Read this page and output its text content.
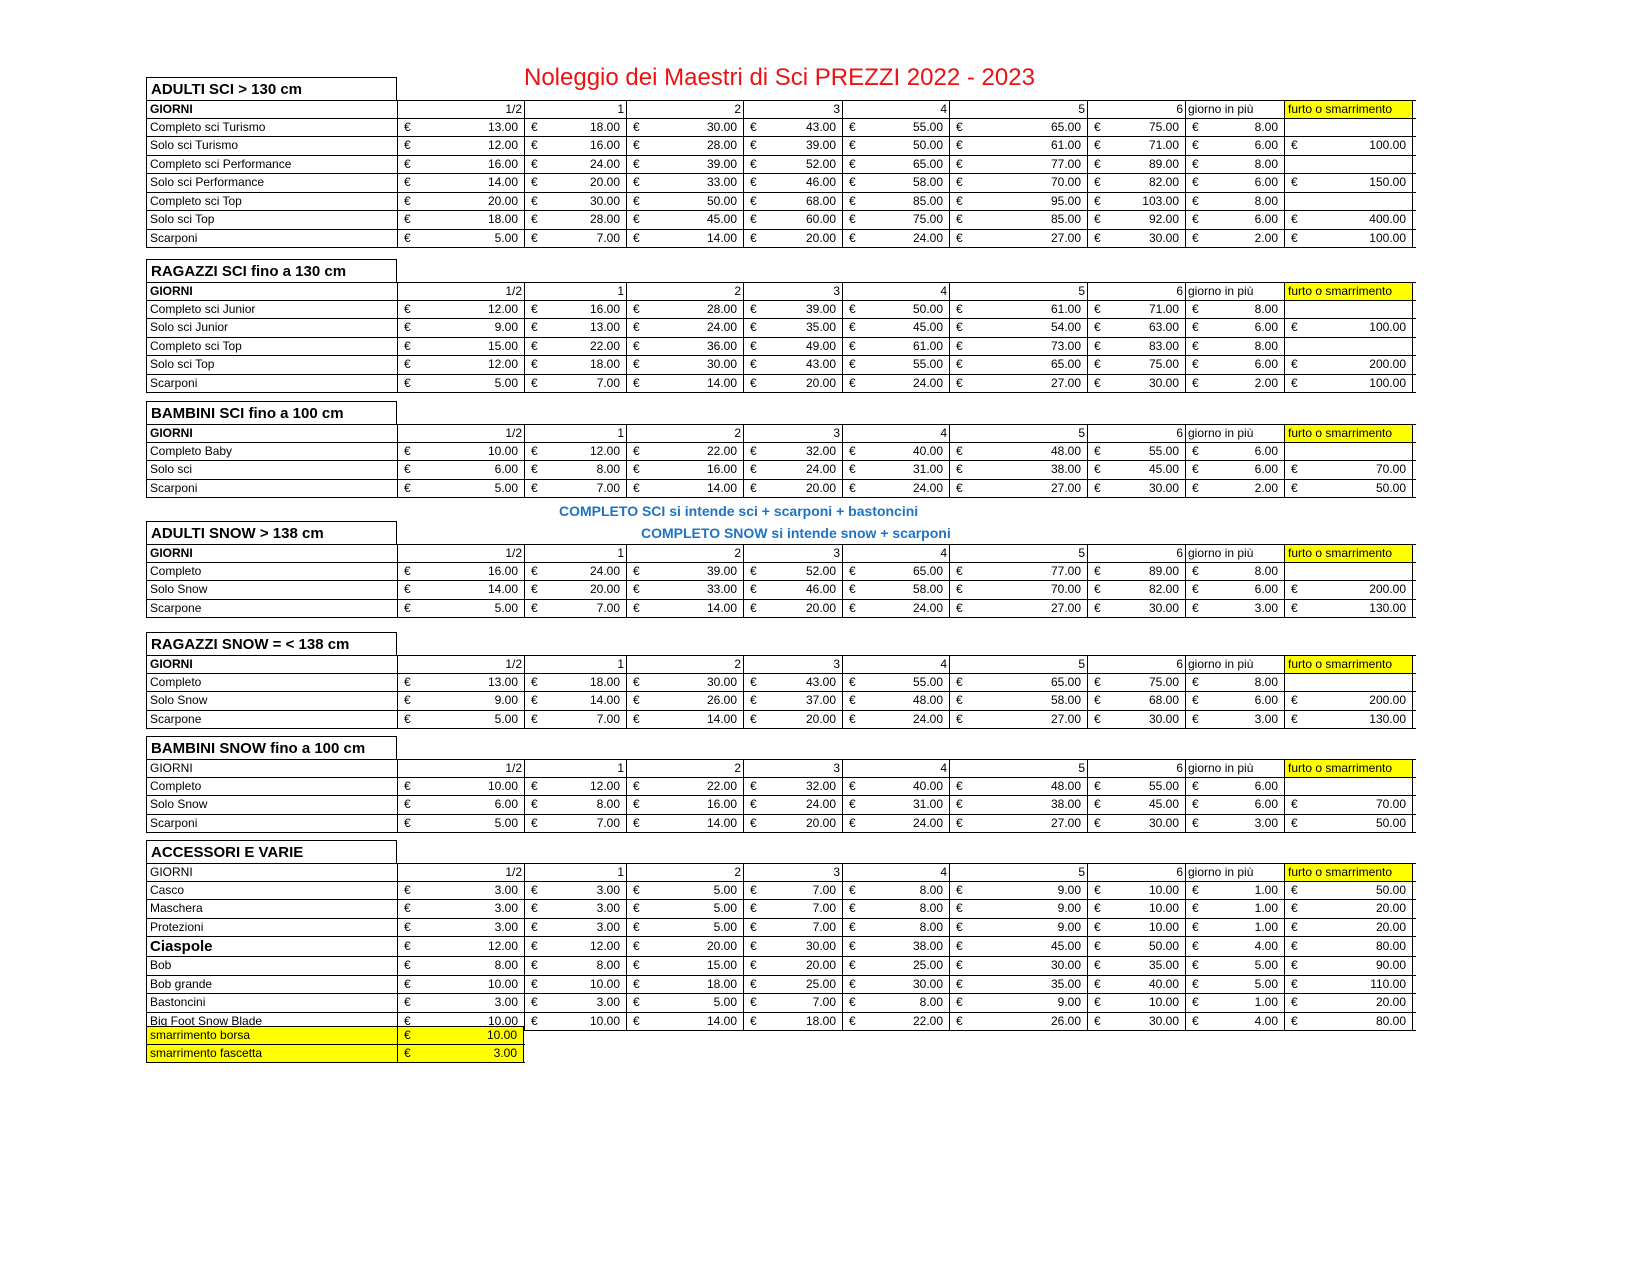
Noleggio dei Maestri di Sci PREZZI 2022 - 2023
COMPLETO SCI si intende sci + scarponi + bastoncini
COMPLETO SNOW si intende snow + scarponi
ADULTI SCI > 130 cm
GIORNI	1/2	1	2	3	4	5	6 giorno in più	furto o smarrimento
Completo sci Turismo	€	13.00 €	18.00 €	30.00 €	43.00 €	55.00 €	65.00 €	75.00 €	8.00
Solo sci Turismo	€	12.00 €	16.00 €	28.00 €	39.00 €	50.00 €	61.00 €	71.00 €	6.00 €	100.00
Completo sci Performance	€	16.00 €	24.00 €	39.00 €	52.00 €	65.00 €	77.00 €	89.00 €	8.00
Solo sci Performance	€	14.00 €	20.00 €	33.00 €	46.00 €	58.00 €	70.00 €	82.00 €	6.00 €	150.00
Completo sci Top	€	20.00 €	30.00 €	50.00 €	68.00 €	85.00 €	95.00 €	103.00 €	8.00
Solo sci Top	€	18.00 €	28.00 €	45.00 €	60.00 €	75.00 €	85.00 €	92.00 €	6.00 €	400.00
Scarponi	€	5.00 €	7.00 €	14.00 €	20.00 €	24.00 €	27.00 €	30.00 €	2.00 €	100.00
RAGAZZI SCI fino a 130 cm
GIORNI	1/2	1	2	3	4	5	6 giorno in più	furto o smarrimento
Completo sci Junior	€	12.00 €	16.00 €	28.00 €	39.00 €	50.00 €	61.00 €	71.00 €	8.00
Solo sci Junior	€	9.00 €	13.00 €	24.00 €	35.00 €	45.00 €	54.00 €	63.00 €	6.00 €	100.00
Completo sci Top	€	15.00 €	22.00 €	36.00 €	49.00 €	61.00 €	73.00 €	83.00 €	8.00
Solo sci Top	€	12.00 €	18.00 €	30.00 €	43.00 €	55.00 €	65.00 €	75.00 €	6.00 €	200.00
Scarponi	€	5.00 €	7.00 €	14.00 €	20.00 €	24.00 €	27.00 €	30.00 €	2.00 €	100.00
BAMBINI SCI fino a 100 cm
GIORNI	1/2	1	2	3	4	5	6 giorno in più	furto o smarrimento
Completo Baby	€	10.00 €	12.00 €	22.00 €	32.00 €	40.00 €	48.00 €	55.00 €	6.00
Solo sci	€	6.00 €	8.00 €	16.00 €	24.00 €	31.00 €	38.00 €	45.00 €	6.00 €	70.00
Scarponi	€	5.00 €	7.00 €	14.00 €	20.00 €	24.00 €	27.00 €	30.00 €	2.00 €	50.00
ADULTI SNOW > 138 cm
GIORNI	1/2	1	2	3	4	5	6 giorno in più	furto o smarrimento
Completo	€	16.00 €	24.00 €	39.00 €	52.00 €	65.00 €	77.00 €	89.00 €	8.00
Solo Snow	€	14.00 €	20.00 €	33.00 €	46.00 €	58.00 €	70.00 €	82.00 €	6.00 €	200.00
Scarpone	€	5.00 €	7.00 €	14.00 €	20.00 €	24.00 €	27.00 €	30.00 €	3.00 €	130.00
RAGAZZI SNOW = < 138 cm
GIORNI	1/2	1	2	3	4	5	6 giorno in più	furto o smarrimento
Completo	€	13.00 €	18.00 €	30.00 €	43.00 €	55.00 €	65.00 €	75.00 €	8.00
Solo Snow	€	9.00 €	14.00 €	26.00 €	37.00 €	48.00 €	58.00 €	68.00 €	6.00 €	200.00
Scarpone	€	5.00 €	7.00 €	14.00 €	20.00 €	24.00 €	27.00 €	30.00 €	3.00 €	130.00
BAMBINI SNOW fino a 100 cm
GIORNI	1/2	1	2	3	4	5	6 giorno in più	furto o smarrimento
Completo	€	10.00 €	12.00 €	22.00 €	32.00 €	40.00 €	48.00 €	55.00 €	6.00
Solo Snow	€	6.00 €	8.00 €	16.00 €	24.00 €	31.00 €	38.00 €	45.00 €	6.00 €	70.00
Scarponi	€	5.00 €	7.00 €	14.00 €	20.00 €	24.00 €	27.00 €	30.00 €	3.00 €	50.00
ACCESSORI E VARIE
GIORNI	1/2	1	2	3	4	5	6 giorno in più	furto o smarrimento
Casco	€	3.00 €	3.00 €	5.00 €	7.00 €	8.00 €	9.00 €	10.00 €	1.00 €	50.00
Maschera	€	3.00 €	3.00 €	5.00 €	7.00 €	8.00 €	9.00 €	10.00 €	1.00 €	20.00
Protezioni	€	3.00 €	3.00 €	5.00 €	7.00 €	8.00 €	9.00 €	10.00 €	1.00 €	20.00
Ciaspole	€	12.00 €	12.00 €	20.00 €	30.00 €	38.00 €	45.00 €	50.00 €	4.00 €	80.00
Bob	€	8.00 €	8.00 €	15.00 €	20.00 €	25.00 €	30.00 €	35.00 €	5.00 €	90.00
Bob grande	€	10.00 €	10.00 €	18.00 €	25.00 €	30.00 €	35.00 €	40.00 €	5.00 €	110.00
Bastoncini	€	3.00 €	3.00 €	5.00 €	7.00 €	8.00 €	9.00 €	10.00 €	1.00 €	20.00
Big Foot Snow Blade	€	10.00 €	10.00 €	14.00 €	18.00 €	22.00 €	26.00 €	30.00 €	4.00 €	80.00
smarrimento borsa	€	10.00
smarrimento fascetta	€	3.00
